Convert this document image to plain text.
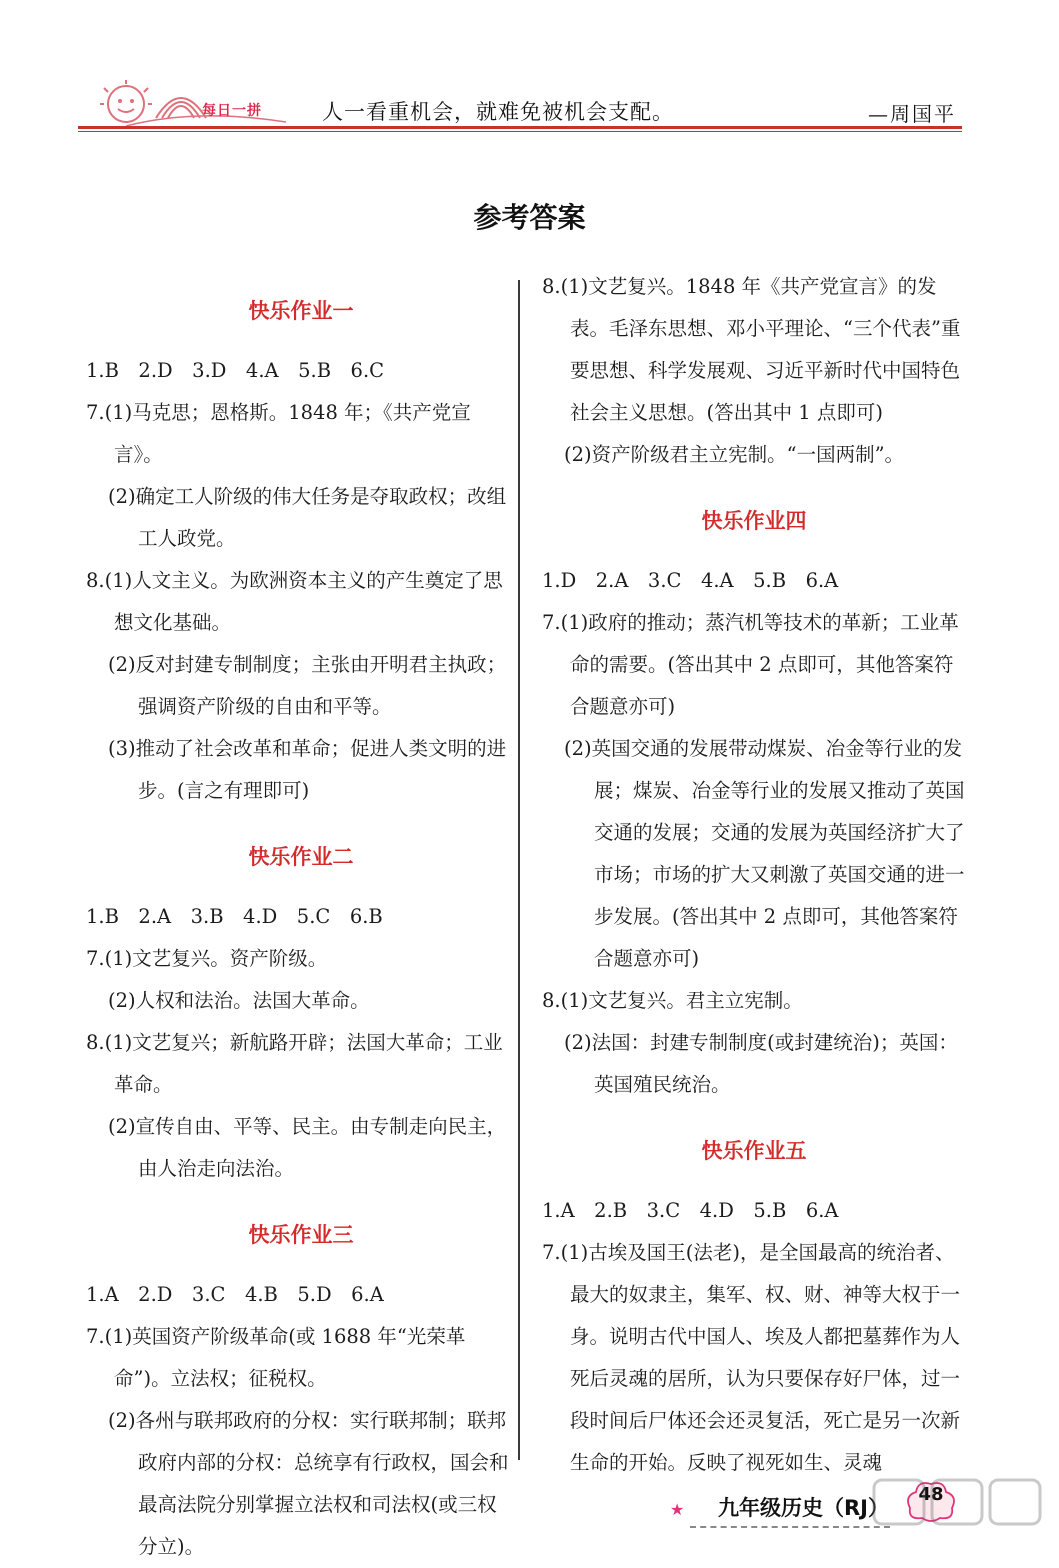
每日一拼	人一看重机会，就难免被机会支配。	—周国平
参考答案

快乐作业一

1.B　2.D　3.D　4.A　5.B　6.C

7.(1)马克思；恩格斯。1848 年；《共产党宣言》。

(2)确定工人阶级的伟大任务是夺取政权；改组工人政党。

8.(1)人文主义。为欧洲资本主义的产生奠定了思想文化基础。

(2)反对封建专制制度；主张由开明君主执政；强调资产阶级的自由和平等。

(3)推动了社会改革和革命；促进人类文明的进步。(言之有理即可)

快乐作业二

1.B　2.A　3.B　4.D　5.C　6.B

7.(1)文艺复兴。资产阶级。

(2)人权和法治。法国大革命。

8.(1)文艺复兴；新航路开辟；法国大革命；工业革命。

(2)宣传自由、平等、民主。由专制走向民主，由人治走向法治。

快乐作业三

1.A　2.D　3.C　4.B　5.D　6.A

7.(1)英国资产阶级革命(或 1688 年“光荣革命”)。立法权；征税权。

(2)各州与联邦政府的分权：实行联邦制；联邦政府内部的分权：总统享有行政权，国会和最高法院分别掌握立法权和司法权(或三权分立)。

8.(1)文艺复兴。1848 年《共产党宣言》的发表。毛泽东思想、邓小平理论、“三个代表”重要思想、科学发展观、习近平新时代中国特色社会主义思想。(答出其中 1 点即可)

(2)资产阶级君主立宪制。“一国两制”。

快乐作业四

1.D　2.A　3.C　4.A　5.B　6.A

7.(1)政府的推动；蒸汽机等技术的革新；工业革命的需要。(答出其中 2 点即可，其他答案符合题意亦可)

(2)英国交通的发展带动煤炭、冶金等行业的发展；煤炭、冶金等行业的发展又推动了英国交通的发展；交通的发展为英国经济扩大了市场；市场的扩大又刺激了英国交通的进一步发展。(答出其中 2 点即可，其他答案符合题意亦可)

8.(1)文艺复兴。君主立宪制。

(2)法国：封建专制制度(或封建统治)；英国：英国殖民统治。

快乐作业五

1.A　2.B　3.C　4.D　5.B　6.A

7.(1)古埃及国王(法老)，是全国最高的统治者、最大的奴隶主，集军、权、财、神等大权于一身。说明古代中国人、埃及人都把墓葬作为人死后灵魂的居所，认为只要保存好尸体，过一段时间后尸体还会还灵复活，死亡是另一次新生命的开始。反映了视死如生、灵魂

★ 九年级历史（RJ）
48
